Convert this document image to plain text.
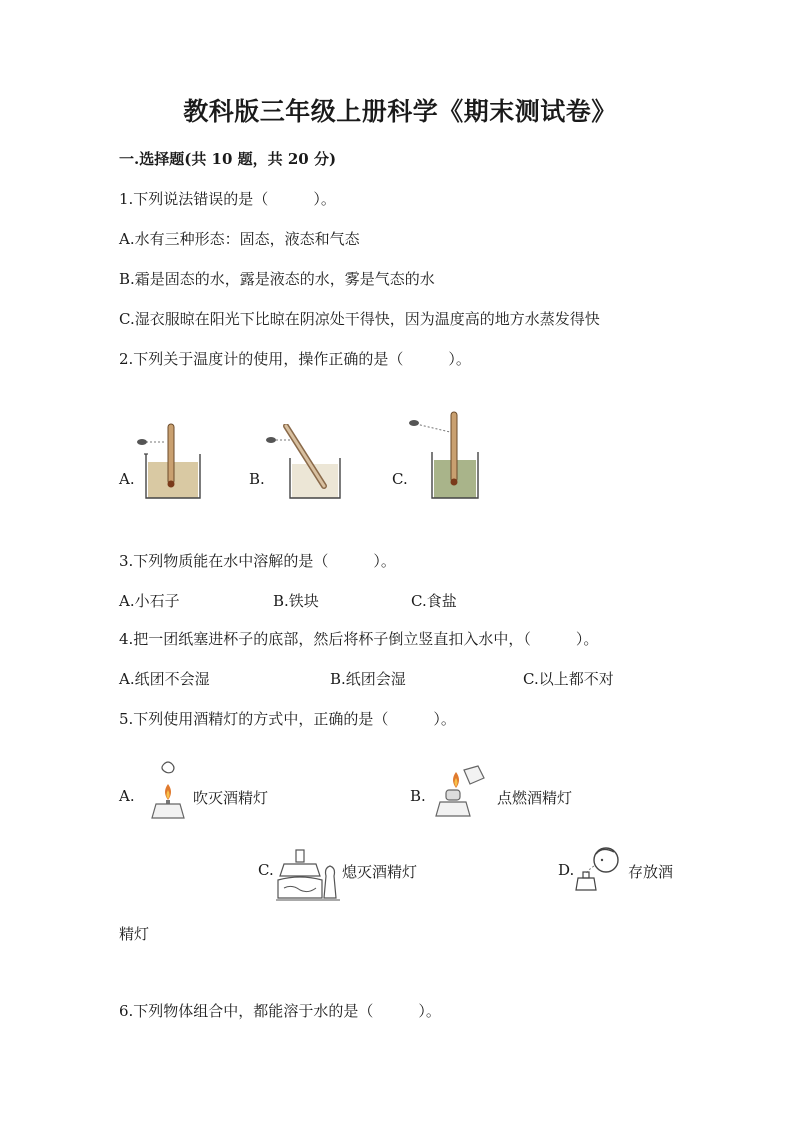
教科版三年级上册科学《期末测试卷》
一.选择题(共 10 题，共 20 分)
1.下列说法错误的是（　　　）。
A.水有三种形态：固态，液态和气态
B.霜是固态的水，露是液态的水，雾是气态的水
C.湿衣服晾在阳光下比晾在阴凉处干得快，因为温度高的地方水蒸发得快
2.下列关于温度计的使用，操作正确的是（　　　）。
A.	B.	C.
3.下列物质能在水中溶解的是（　　　）。
A.小石子	B.铁块	C.食盐
4.把一团纸塞进杯子的底部，然后将杯子倒立竖直扣入水中，（　　　）。
A.纸团不会湿	B.纸团会湿	C.以上都不对
5.下列使用酒精灯的方式中，正确的是（　　　）。
A.	吹灭酒精灯	B.	点燃酒精灯
C.	熄灭酒精灯	D.	存放酒
精灯
6.下列物体组合中，都能溶于水的是（　　　）。
